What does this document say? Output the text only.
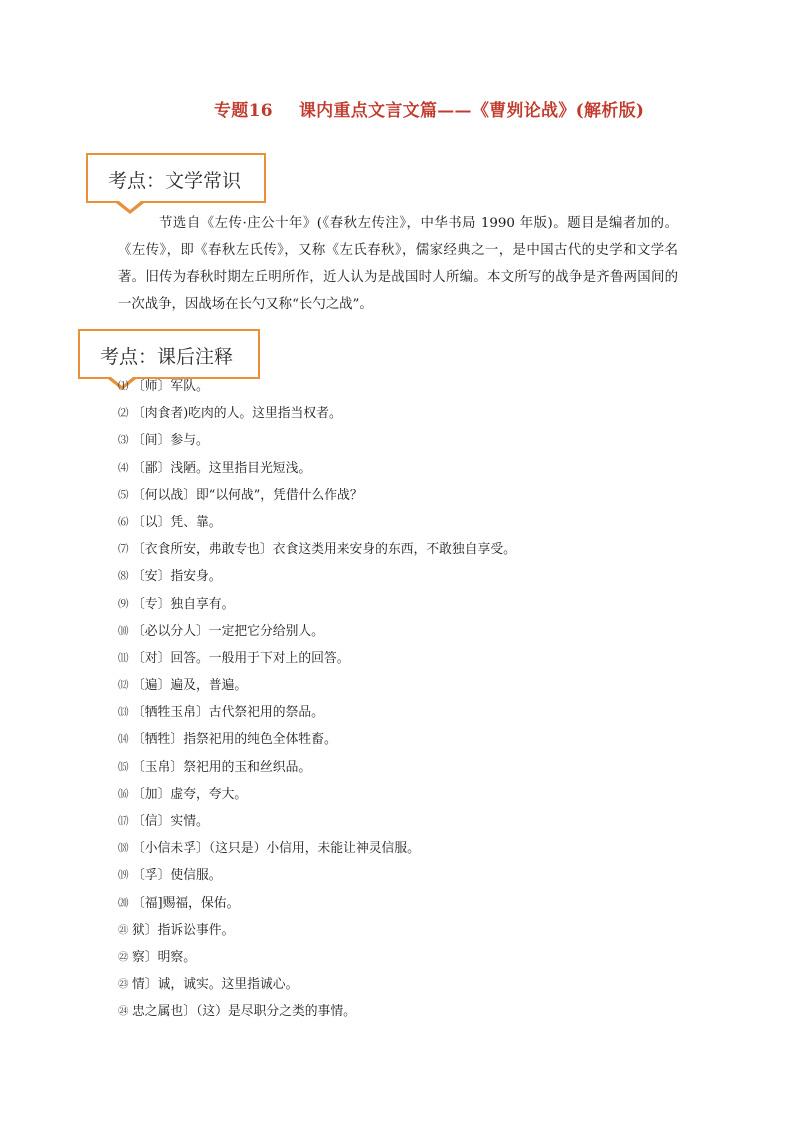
专题16 课内重点文言文篇——《曹刿论战》(解析版)
考点：文学常识

节选自《左传·庄公十年》(《春秋左传注》，中华书局 1990 年版)。题目是编者加的。《左传》，即《春秋左氏传》，又称《左氏春秋》，儒家经典之一，是中国古代的史学和文学名著。旧传为春秋时期左丘明所作，近人认为是战国时人所编。本文所写的战争是齐鲁两国间的一次战争，因战场在长勺又称“长勺之战”。

考点：课后注释
⑴ 〔师〕军队。
⑵ 〔肉食者)吃肉的人。这里指当权者。
⑶ 〔间〕参与。
⑷ 〔鄙〕浅陋。这里指目光短浅。
⑸ 〔何以战〕即“以何战”，凭借什么作战？
⑹ 〔以〕凭、靠。
⑺ 〔衣食所安，弗敢专也〕衣食这类用来安身的东西，不敢独自享受。
⑻ 〔安〕指安身。
⑼ 〔专〕独自享有。
⑽ 〔必以分人〕一定把它分给别人。
⑾ 〔对〕回答。一般用于下对上的回答。
⑿ 〔遍〕遍及，普遍。
⒀ 〔牺牲玉帛〕古代祭祀用的祭品。
⒁ 〔牺牲〕指祭祀用的纯色全体牲畜。
⒂ 〔玉帛〕祭祀用的玉和丝织品。
⒃ 〔加〕虚夸，夸大。
⒄ 〔信〕实情。
⒅ 〔小信未孚〕（这只是）小信用，未能让神灵信服。
⒆ 〔孚〕使信服。
⒇ 〔福]赐福，保佑。
㉑ 狱〕指诉讼事件。
㉒ 察〕明察。
㉓ 情〕诚，诚实。这里指诚心。
㉔ 忠之属也〕（这）是尽职分之类的事情。
